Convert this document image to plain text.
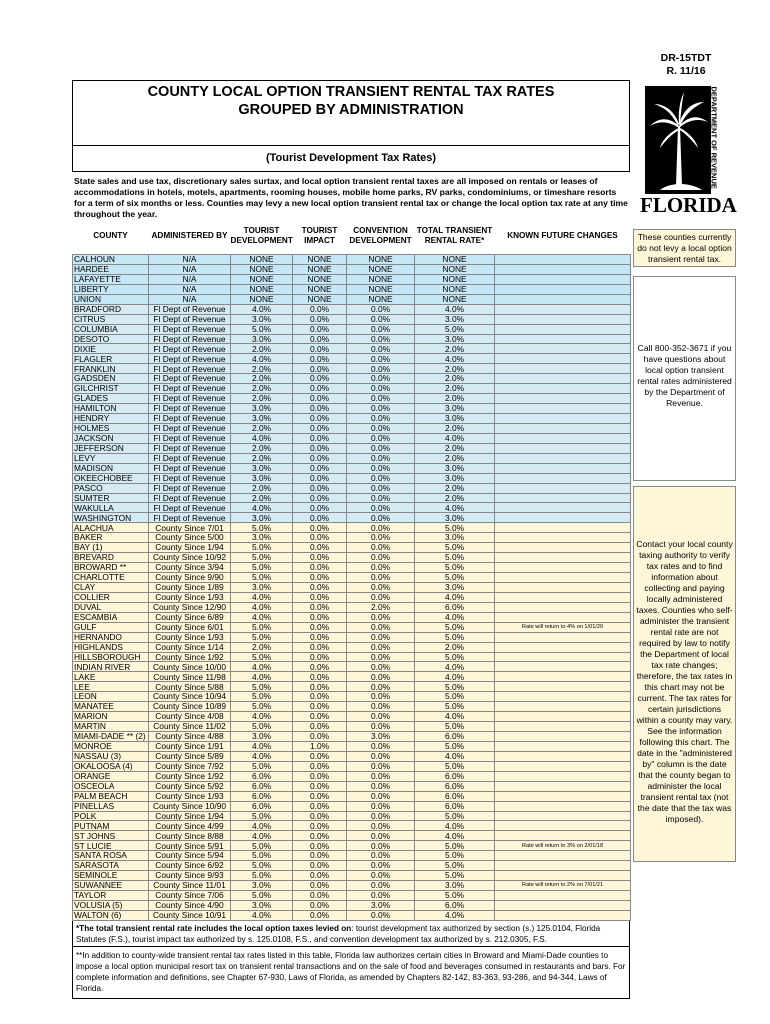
DR-15TDT
R. 11/16
FLORIDA
DEPARTMENT OF REVENUE
These counties currently do not levy a local option transient rental tax.
Call 800-352-3671 if you have questions about local option transient rental rates administered by the Department of Revenue.
Contact your local county taxing authority to verify tax rates and to find information about collecting and paying locally administered taxes. Counties who self-administer the transient rental rate are not required by law to notify the Department of local tax rate changes; therefore, the tax rates in this chart may not be current. The tax rates for certain jurisdictions within a county may vary. See the information following this chart. The date in the "administered by" column is the date that the county began to administer the local transient rental tax (not the date that the tax was imposed).
COUNTY LOCAL OPTION TRANSIENT RENTAL TAX RATES
GROUPED BY ADMINISTRATION
(Tourist Development Tax Rates)
State sales and use tax, discretionary sales surtax, and local option transient rental taxes are all imposed on rentals or leases of accommodations in hotels, motels, apartments, rooming houses, mobile home parks, RV parks, condominiums, or timeshare resorts for a term of six months or less. Counties may levy a new local option transient rental tax or change the local option tax rate at any time throughout the year.
COUNTY	ADMINISTERED BY	TOURIST DEVELOPMENT	TOURIST IMPACT	CONVENTION DEVELOPMENT	TOTAL TRANSIENT RENTAL RATE*	KNOWN FUTURE CHANGES
CALHOUN	N/A	NONE	NONE	NONE	NONE	
HARDEE	N/A	NONE	NONE	NONE	NONE	
LAFAYETTE	N/A	NONE	NONE	NONE	NONE	
LIBERTY	N/A	NONE	NONE	NONE	NONE	
UNION	N/A	NONE	NONE	NONE	NONE	
BRADFORD	Fl Dept of Revenue	4.0%	0.0%	0.0%	4.0%	
CITRUS	Fl Dept of Revenue	3.0%	0.0%	0.0%	3.0%	
COLUMBIA	Fl Dept of Revenue	5.0%	0.0%	0.0%	5.0%	
DESOTO	Fl Dept of Revenue	3.0%	0.0%	0.0%	3.0%	
DIXIE	Fl Dept of Revenue	2.0%	0.0%	0.0%	2.0%	
FLAGLER	Fl Dept of Revenue	4.0%	0.0%	0.0%	4.0%	
FRANKLIN	Fl Dept of Revenue	2.0%	0.0%	0.0%	2.0%	
GADSDEN	Fl Dept of Revenue	2.0%	0.0%	0.0%	2.0%	
GILCHRIST	Fl Dept of Revenue	2.0%	0.0%	0.0%	2.0%	
GLADES	Fl Dept of Revenue	2.0%	0.0%	0.0%	2.0%	
HAMILTON	Fl Dept of Revenue	3.0%	0.0%	0.0%	3.0%	
HENDRY	Fl Dept of Revenue	3.0%	0.0%	0.0%	3.0%	
HOLMES	Fl Dept of Revenue	2.0%	0.0%	0.0%	2.0%	
JACKSON	Fl Dept of Revenue	4.0%	0.0%	0.0%	4.0%	
JEFFERSON	Fl Dept of Revenue	2.0%	0.0%	0.0%	2.0%	
LEVY	Fl Dept of Revenue	2.0%	0.0%	0.0%	2.0%	
MADISON	Fl Dept of Revenue	3.0%	0.0%	0.0%	3.0%	
OKEECHOBEE	Fl Dept of Revenue	3.0%	0.0%	0.0%	3.0%	
PASCO	Fl Dept of Revenue	2.0%	0.0%	0.0%	2.0%	
SUMTER	Fl Dept of Revenue	2.0%	0.0%	0.0%	2.0%	
WAKULLA	Fl Dept of Revenue	4.0%	0.0%	0.0%	4.0%	
WASHINGTON	Fl Dept of Revenue	3.0%	0.0%	0.0%	3.0%	
ALACHUA	County Since 7/01	5.0%	0.0%	0.0%	5.0%	
BAKER	County Since 5/00	3.0%	0.0%	0.0%	3.0%	
BAY (1)	County Since 1/94	5.0%	0.0%	0.0%	5.0%	
BREVARD	County Since 10/92	5.0%	0.0%	0.0%	5.0%	
BROWARD **	County Since 3/94	5.0%	0.0%	0.0%	5.0%	
CHARLOTTE	County Since 9/90	5.0%	0.0%	0.0%	5.0%	
CLAY	County Since 1/89	3.0%	0.0%	0.0%	3.0%	
COLLIER	County Since 1/93	4.0%	0.0%	0.0%	4.0%	
DUVAL	County Since 12/90	4.0%	0.0%	2.0%	6.0%	
ESCAMBIA	County Since 6/89	4.0%	0.0%	0.0%	4.0%	
GULF	County Since 6/01	5.0%	0.0%	0.0%	5.0%	Rate will return to 4% on 1/01/20
HERNANDO	County Since 1/93	5.0%	0.0%	0.0%	5.0%	
HIGHLANDS	County Since 1/14	2.0%	0.0%	0.0%	2.0%	
HILLSBOROUGH	County Since 1/92	5.0%	0.0%	0.0%	5.0%	
INDIAN RIVER	County Since 10/00	4.0%	0.0%	0.0%	4.0%	
LAKE	County Since 11/98	4.0%	0.0%	0.0%	4.0%	
LEE	County Since 5/88	5.0%	0.0%	0.0%	5.0%	
LEON	County Since 10/94	5.0%	0.0%	0.0%	5.0%	
MANATEE	County Since 10/89	5.0%	0.0%	0.0%	5.0%	
MARION	County Since 4/08	4.0%	0.0%	0.0%	4.0%	
MARTIN	County Since 11/02	5.0%	0.0%	0.0%	5.0%	
MIAMI-DADE ** (2)	County Since 4/88	3.0%	0.0%	3.0%	6.0%	
MONROE	County Since 1/91	4.0%	1.0%	0.0%	5.0%	
NASSAU (3)	County Since 5/89	4.0%	0.0%	0.0%	4.0%	
OKALOOSA (4)	County Since 7/92	5.0%	0.0%	0.0%	5.0%	
ORANGE	County Since 1/92	6.0%	0.0%	0.0%	6.0%	
OSCEOLA	County Since 5/92	6.0%	0.0%	0.0%	6.0%	
PALM BEACH	County Since 1/93	6.0%	0.0%	0.0%	6.0%	
PINELLAS	County Since 10/90	6.0%	0.0%	0.0%	6.0%	
POLK	County Since 1/94	5.0%	0.0%	0.0%	5.0%	
PUTNAM	County Since 4/99	4.0%	0.0%	0.0%	4.0%	
ST JOHNS	County Since 8/88	4.0%	0.0%	0.0%	4.0%	
ST LUCIE	County Since 5/91	5.0%	0.0%	0.0%	5.0%	Rate will return to 3% on 2/01/18
SANTA ROSA	County Since 5/94	5.0%	0.0%	0.0%	5.0%	
SARASOTA	County Since 6/92	5.0%	0.0%	0.0%	5.0%	
SEMINOLE	County Since 9/93	5.0%	0.0%	0.0%	5.0%	
SUWANNEE	County Since 11/01	3.0%	0.0%	0.0%	3.0%	Rate will return to 2% on 7/01/21
TAYLOR	County Since 7/06	5.0%	0.0%	0.0%	5.0%	
VOLUSIA (5)	County Since 4/90	3.0%	0.0%	3.0%	6.0%	
WALTON (6)	County Since 10/91	4.0%	0.0%	0.0%	4.0%	
*The total transient rental rate includes the local option taxes levied on: tourist development tax authorized by section (s.) 125.0104, Florida Statutes (F.S.), tourist impact tax authorized by s. 125.0108, F.S., and convention development tax authorized by s. 212.0305, F.S.
**In addition to county-wide transient rental tax rates listed in this table, Florida law authorizes certain cities in Broward and Miami-Dade counties to impose a local option municipal resort tax on transient rental transactions and on the sale of food and beverages consumed in restaurants and bars. For complete information and definitions, see Chapter 67-930, Laws of Florida, as amended by Chapters 82-142, 83-363, 93-286, and 94-344, Laws of Florida.
